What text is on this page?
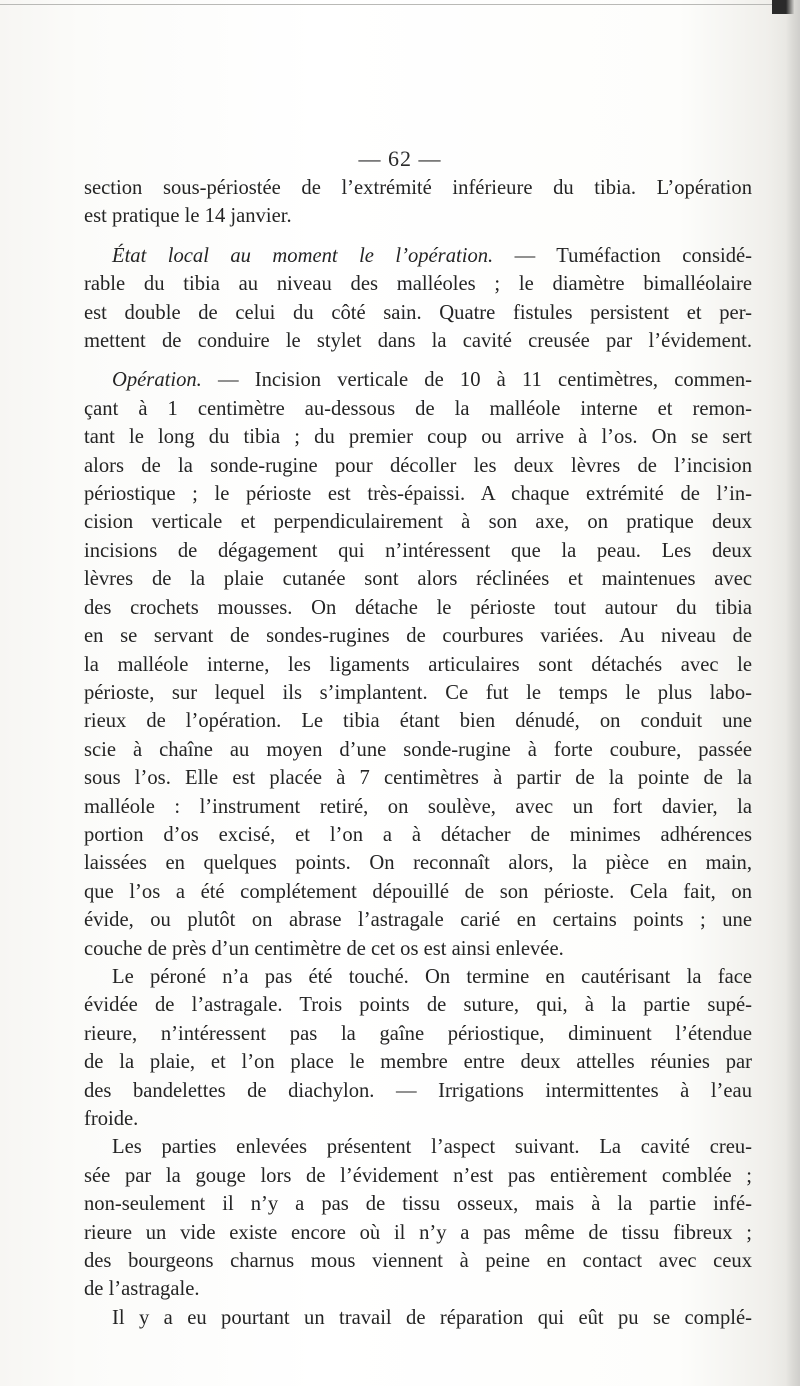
— 62 —

section sous-périostée de l’extrémité inférieure du tibia. L’opération

est pratique le 14 janvier.

État local au moment le l’opération. — Tuméfaction considé-

rable du tibia au niveau des malléoles ; le diamètre bimalléolaire

est double de celui du côté sain. Quatre fistules persistent et per-

mettent de conduire le stylet dans la cavité creusée par l’évidement.

Opération. — Incision verticale de 10 à 11 centimètres, commen-

çant à 1 centimètre au-dessous de la malléole interne et remon-

tant le long du tibia ; du premier coup ou arrive à l’os. On se sert

alors de la sonde-rugine pour décoller les deux lèvres de l’incision

périostique ; le périoste est très-épaissi. A chaque extrémité de l’in-

cision verticale et perpendiculairement à son axe, on pratique deux

incisions de dégagement qui n’intéressent que la peau. Les deux

lèvres de la plaie cutanée sont alors réclinées et maintenues avec

des crochets mousses. On détache le périoste tout autour du tibia

en se servant de sondes-rugines de courbures variées. Au niveau de

la malléole interne, les ligaments articulaires sont détachés avec le

périoste, sur lequel ils s’implantent. Ce fut le temps le plus labo-

rieux de l’opération. Le tibia étant bien dénudé, on conduit une

scie à chaîne au moyen d’une sonde-rugine à forte coubure, passée

sous l’os. Elle est placée à 7 centimètres à partir de la pointe de la

malléole : l’instrument retiré, on soulève, avec un fort davier, la

portion d’os excisé, et l’on a à détacher de minimes adhérences

laissées en quelques points. On reconnaît alors, la pièce en main,

que l’os a été complétement dépouillé de son périoste. Cela fait, on

évide, ou plutôt on abrase l’astragale carié en certains points ; une

couche de près d’un centimètre de cet os est ainsi enlevée.

Le péroné n’a pas été touché. On termine en cautérisant la face

évidée de l’astragale. Trois points de suture, qui, à la partie supé-

rieure, n’intéressent pas la gaîne périostique, diminuent l’étendue

de la plaie, et l’on place le membre entre deux attelles réunies par

des bandelettes de diachylon. — Irrigations intermittentes à l’eau

froide.

Les parties enlevées présentent l’aspect suivant. La cavité creu-

sée par la gouge lors de l’évidement n’est pas entièrement comblée ;

non-seulement il n’y a pas de tissu osseux, mais à la partie infé-

rieure un vide existe encore où il n’y a pas même de tissu fibreux ;

des bourgeons charnus mous viennent à peine en contact avec ceux

de l’astragale.

Il y a eu pourtant un travail de réparation qui eût pu se complé-
